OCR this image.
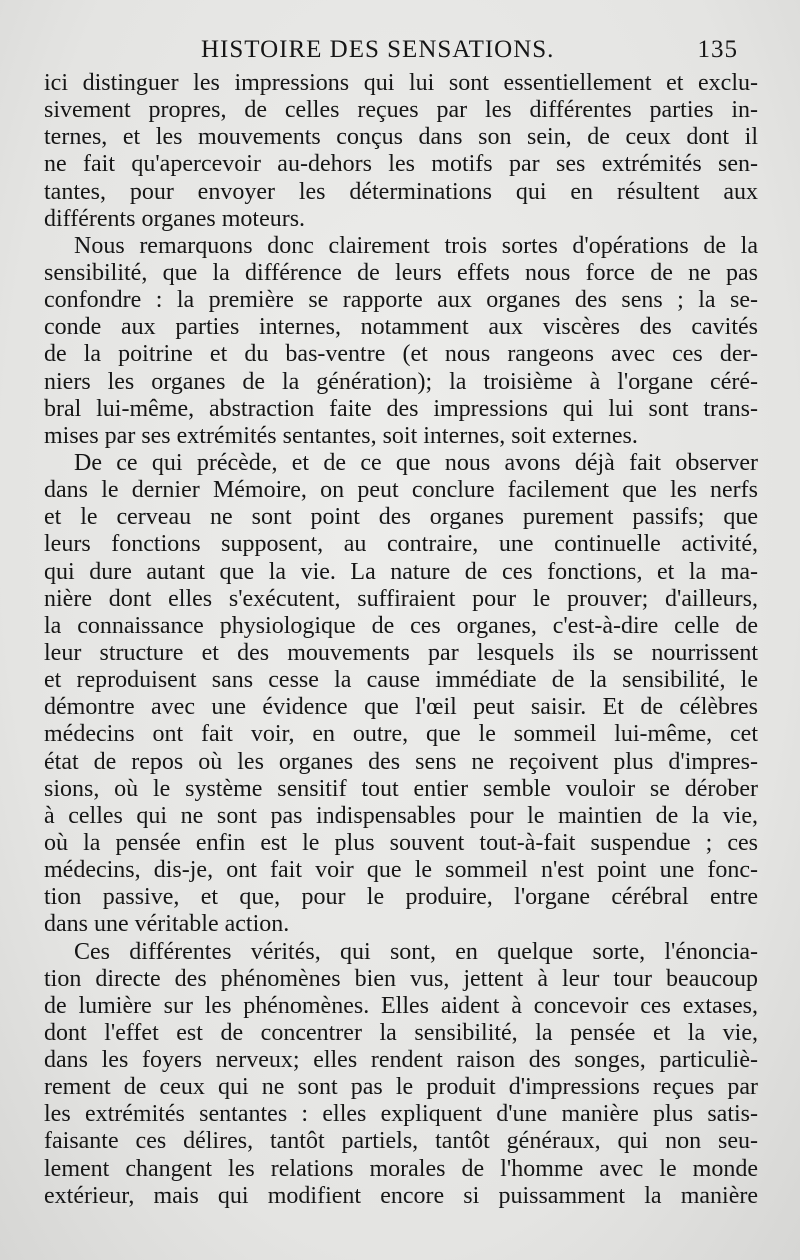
HISTOIRE DES SENSATIONS.	135
ici distinguer les impressions qui lui sont essentiellement et exclu-
sivement propres, de celles reçues par les différentes parties in-
ternes, et les mouvements conçus dans son sein, de ceux dont il
ne fait qu'apercevoir au-dehors les motifs par ses extrémités sen-
tantes, pour envoyer les déterminations qui en résultent aux
différents organes moteurs.
Nous remarquons donc clairement trois sortes d'opérations de la
sensibilité, que la différence de leurs effets nous force de ne pas
confondre : la première se rapporte aux organes des sens ; la se-
conde aux parties internes, notamment aux viscères des cavités
de la poitrine et du bas-ventre (et nous rangeons avec ces der-
niers les organes de la génération); la troisième à l'organe céré-
bral lui-même, abstraction faite des impressions qui lui sont trans-
mises par ses extrémités sentantes, soit internes, soit externes.
De ce qui précède, et de ce que nous avons déjà fait observer
dans le dernier Mémoire, on peut conclure facilement que les nerfs
et le cerveau ne sont point des organes purement passifs; que
leurs fonctions supposent, au contraire, une continuelle activité,
qui dure autant que la vie. La nature de ces fonctions, et la ma-
nière dont elles s'exécutent, suffiraient pour le prouver; d'ailleurs,
la connaissance physiologique de ces organes, c'est-à-dire celle de
leur structure et des mouvements par lesquels ils se nourrissent
et reproduisent sans cesse la cause immédiate de la sensibilité, le
démontre avec une évidence que l'œil peut saisir. Et de célèbres
médecins ont fait voir, en outre, que le sommeil lui-même, cet
état de repos où les organes des sens ne reçoivent plus d'impres-
sions, où le système sensitif tout entier semble vouloir se dérober
à celles qui ne sont pas indispensables pour le maintien de la vie,
où la pensée enfin est le plus souvent tout-à-fait suspendue ; ces
médecins, dis-je, ont fait voir que le sommeil n'est point une fonc-
tion passive, et que, pour le produire, l'organe cérébral entre
dans une véritable action.
Ces différentes vérités, qui sont, en quelque sorte, l'énoncia-
tion directe des phénomènes bien vus, jettent à leur tour beaucoup
de lumière sur les phénomènes. Elles aident à concevoir ces extases,
dont l'effet est de concentrer la sensibilité, la pensée et la vie,
dans les foyers nerveux; elles rendent raison des songes, particuliè-
rement de ceux qui ne sont pas le produit d'impressions reçues par
les extrémités sentantes : elles expliquent d'une manière plus satis-
faisante ces délires, tantôt partiels, tantôt généraux, qui non seu-
lement changent les relations morales de l'homme avec le monde
extérieur, mais qui modifient encore si puissamment la manière
